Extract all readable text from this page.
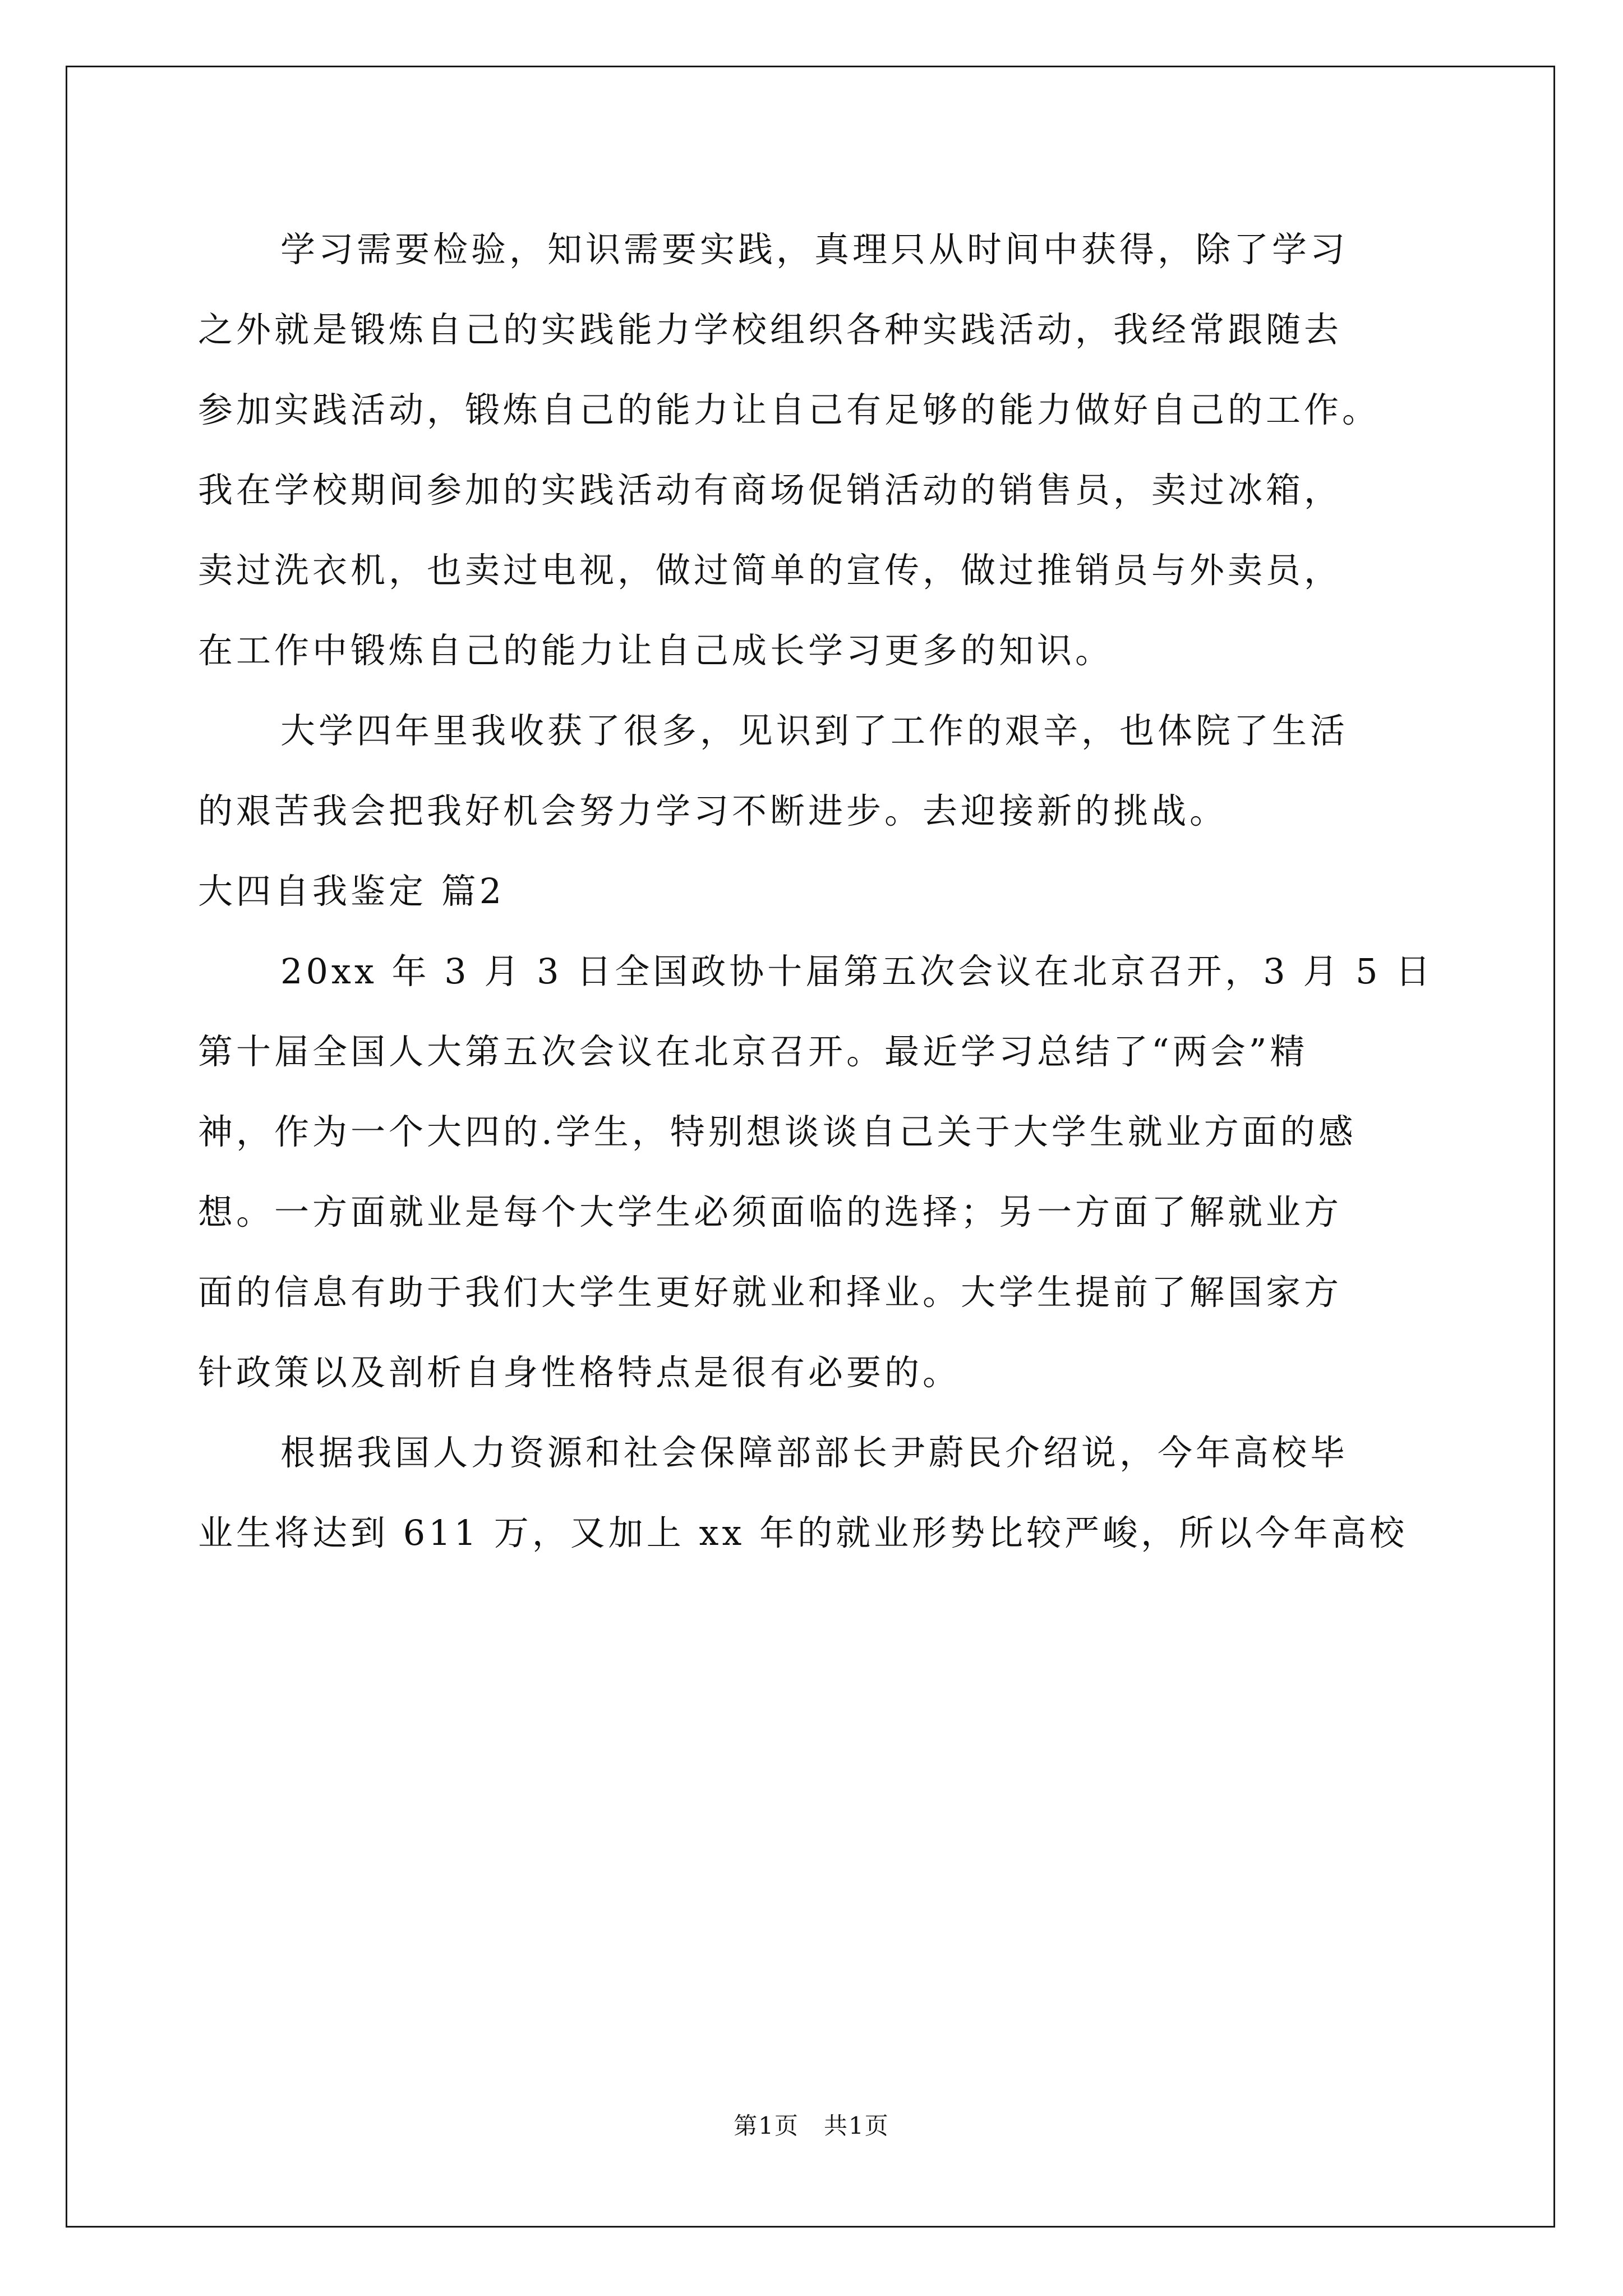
学习需要检验，知识需要实践，真理只从时间中获得，除了学习
之外就是锻炼自己的实践能力学校组织各种实践活动，我经常跟随去
参加实践活动，锻炼自己的能力让自己有足够的能力做好自己的工作。
我在学校期间参加的实践活动有商场促销活动的销售员，卖过冰箱，
卖过洗衣机，也卖过电视，做过简单的宣传，做过推销员与外卖员，
在工作中锻炼自己的能力让自己成长学习更多的知识。
大学四年里我收获了很多，见识到了工作的艰辛，也体院了生活
的艰苦我会把我好机会努力学习不断进步。去迎接新的挑战。
大四自我鉴定 篇2
20xx 年 3 月 3 日全国政协十届第五次会议在北京召开，3 月 5 日
第十届全国人大第五次会议在北京召开。最近学习总结了“两会”精
神，作为一个大四的.学生，特别想谈谈自己关于大学生就业方面的感
想。一方面就业是每个大学生必须面临的选择；另一方面了解就业方
面的信息有助于我们大学生更好就业和择业。大学生提前了解国家方
针政策以及剖析自身性格特点是很有必要的。
根据我国人力资源和社会保障部部长尹蔚民介绍说，今年高校毕
业生将达到 611 万，又加上 xx 年的就业形势比较严峻，所以今年高校
第1页　共1页
